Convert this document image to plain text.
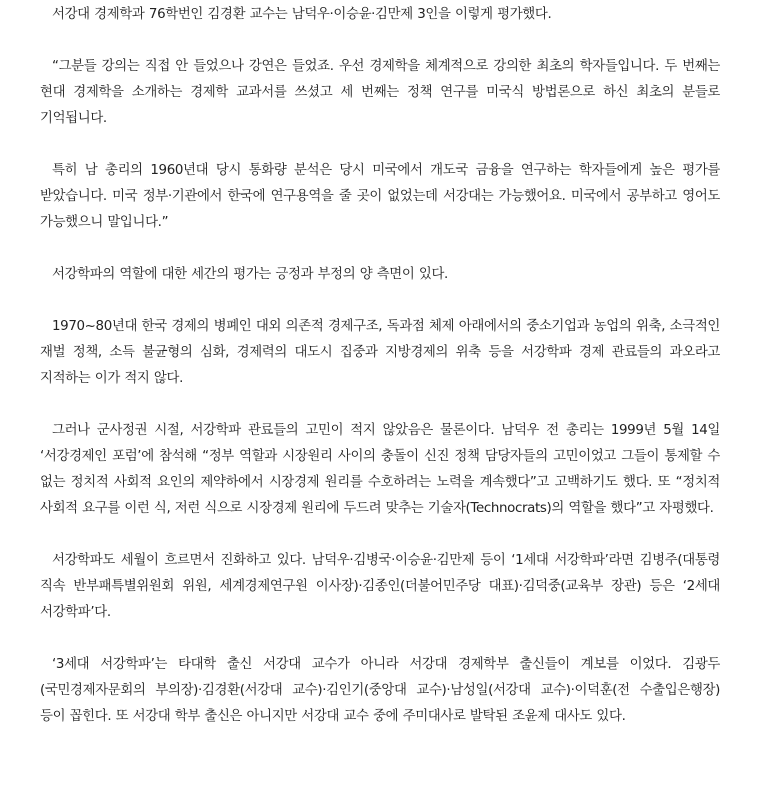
서강대 경제학과 76학번인 김경환 교수는 남덕우·이승윤·김만제 3인을 이렇게 평가했다.

“그분들 강의는 직접 안 들었으나 강연은 들었죠. 우선 경제학을 체계적으로 강의한 최초의 학자들입니다. 두 번째는 현대 경제학을 소개하는 경제학 교과서를 쓰셨고 세 번째는 정책 연구를 미국식 방법론으로 하신 최초의 분들로 기억됩니다.

특히 남 총리의 1960년대 당시 통화량 분석은 당시 미국에서 개도국 금융을 연구하는 학자들에게 높은 평가를 받았습니다. 미국 정부·기관에서 한국에 연구용역을 줄 곳이 없었는데 서강대는 가능했어요. 미국에서 공부하고 영어도 가능했으니 말입니다.”

서강학파의 역할에 대한 세간의 평가는 긍정과 부정의 양 측면이 있다.

1970~80년대 한국 경제의 병폐인 대외 의존적 경제구조, 독과점 체제 아래에서의 중소기업과 농업의 위축, 소극적인 재벌 정책, 소득 불균형의 심화, 경제력의 대도시 집중과 지방경제의 위축 등을 서강학파 경제 관료들의 과오라고 지적하는 이가 적지 않다.

그러나 군사정권 시절, 서강학파 관료들의 고민이 적지 않았음은 물론이다. 남덕우 전 총리는 1999년 5월 14일 ‘서강경제인 포럼’에 참석해 “정부 역할과 시장원리 사이의 충돌이 신진 정책 담당자들의 고민이었고 그들이 통제할 수 없는 정치적 사회적 요인의 제약하에서 시장경제 원리를 수호하려는 노력을 계속했다”고 고백하기도 했다. 또 “정치적 사회적 요구를 이런 식, 저런 식으로 시장경제 원리에 두드려 맞추는 기술자(Technocrats)의 역할을 했다”고 자평했다.

서강학파도 세월이 흐르면서 진화하고 있다. 남덕우·김병국·이승윤·김만제 등이 ‘1세대 서강학파’라면 김병주(대통령 직속 반부패특별위원회 위원, 세계경제연구원 이사장)·김종인(더불어민주당 대표)·김덕중(교육부 장관) 등은 ‘2세대 서강학파’다.

‘3세대 서강학파’는 타대학 출신 서강대 교수가 아니라 서강대 경제학부 출신들이 계보를 이었다. 김광두(국민경제자문회의 부의장)·김경환(서강대 교수)·김인기(중앙대 교수)·남성일(서강대 교수)·이덕훈(전 수출입은행장) 등이 꼽힌다. 또 서강대 학부 출신은 아니지만 서강대 교수 중에 주미대사로 발탁된 조윤제 대사도 있다.
